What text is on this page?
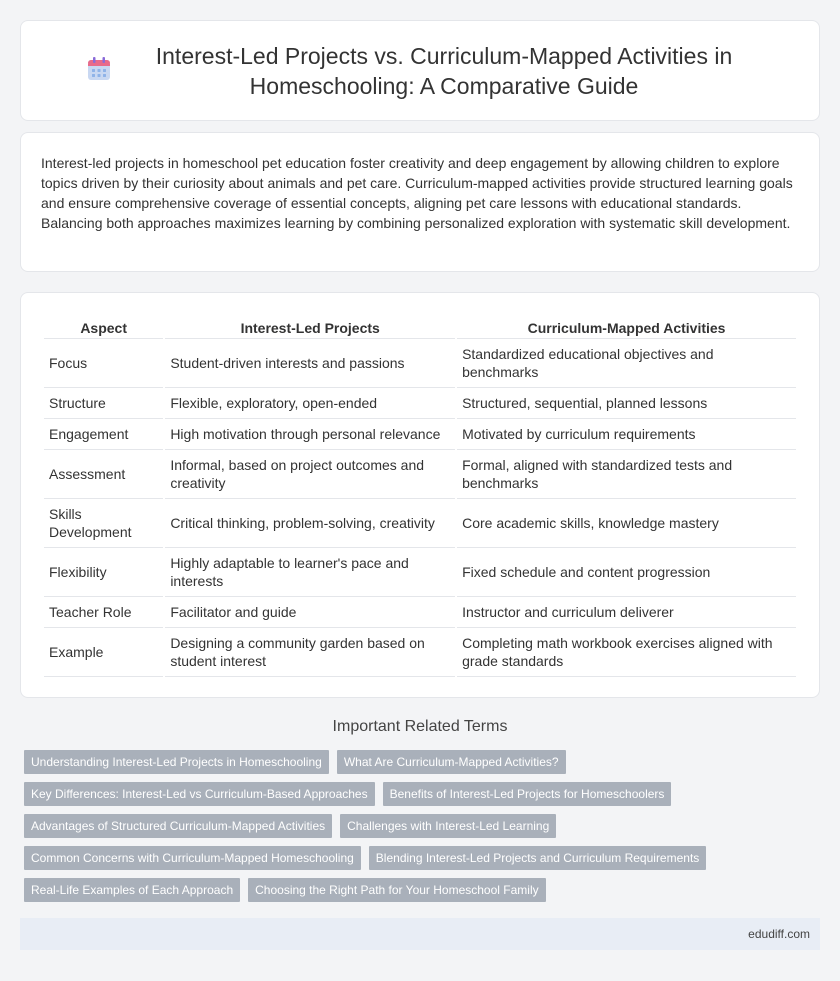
Interest-Led Projects vs. Curriculum-Mapped Activities in Homeschooling: A Comparative Guide

Interest-led projects in homeschool pet education foster creativity and deep engagement by allowing children to explore topics driven by their curiosity about animals and pet care. Curriculum-mapped activities provide structured learning goals and ensure comprehensive coverage of essential concepts, aligning pet care lessons with educational standards. Balancing both approaches maximizes learning by combining personalized exploration with systematic skill development.

Aspect	Interest-Led Projects	Curriculum-Mapped Activities
Focus	Student-driven interests and passions	Standardized educational objectives and benchmarks
Structure	Flexible, exploratory, open-ended	Structured, sequential, planned lessons
Engagement	High motivation through personal relevance	Motivated by curriculum requirements
Assessment	Informal, based on project outcomes and creativity	Formal, aligned with standardized tests and benchmarks
Skills Development	Critical thinking, problem-solving, creativity	Core academic skills, knowledge mastery
Flexibility	Highly adaptable to learner's pace and interests	Fixed schedule and content progression
Teacher Role	Facilitator and guide	Instructor and curriculum deliverer
Example	Designing a community garden based on student interest	Completing math workbook exercises aligned with grade standards
Important Related Terms
Understanding Interest-Led Projects in Homeschooling	What Are Curriculum-Mapped Activities?
Key Differences: Interest-Led vs Curriculum-Based Approaches	Benefits of Interest-Led Projects for Homeschoolers
Advantages of Structured Curriculum-Mapped Activities	Challenges with Interest-Led Learning
Common Concerns with Curriculum-Mapped Homeschooling	Blending Interest-Led Projects and Curriculum Requirements
Real-Life Examples of Each Approach	Choosing the Right Path for Your Homeschool Family
edudiff.com
